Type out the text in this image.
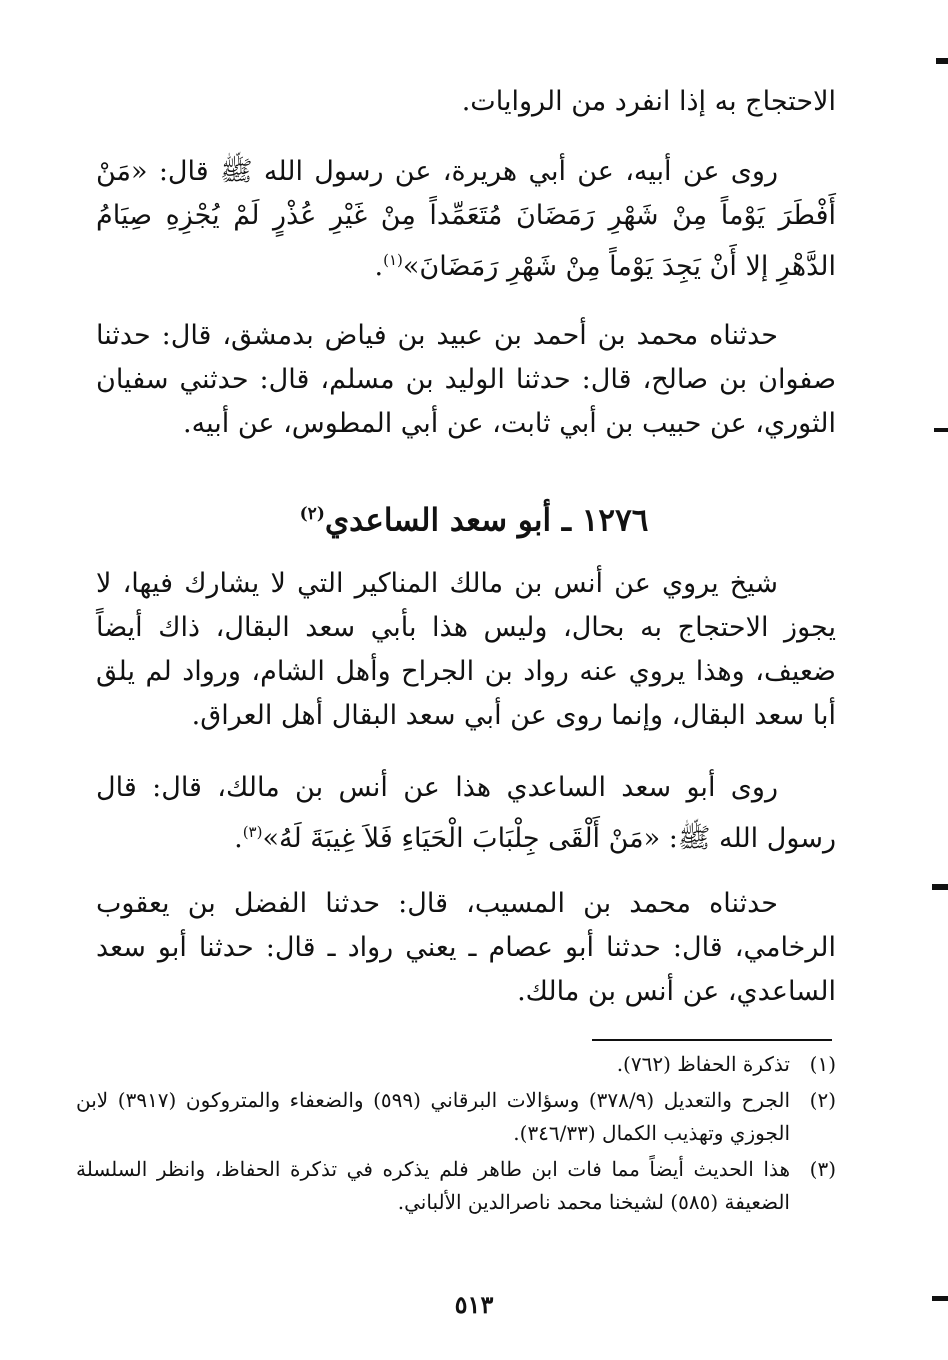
الاحتجاج به إذا انفرد من الروايات.
روى عن أبيه، عن أبي هريرة، عن رسول الله ﷺ قال: «مَنْ أَفْطَرَ يَوْماً مِنْ شَهْرِ رَمَضَانَ مُتَعَمِّداً مِنْ غَيْرِ عُذْرٍ لَمْ يُجْزِهِ صِيَامُ الدَّهْرِ إلا أَنْ يَجِدَ يَوْماً مِنْ شَهْرِ رَمَضَانَ»$^{(١)}$.
حدثناه محمد بن أحمد بن عبيد بن فياض بدمشق، قال: حدثنا صفوان بن صالح، قال: حدثنا الوليد بن مسلم، قال: حدثني سفيان الثوري، عن حبيب بن أبي ثابت، عن أبي المطوس، عن أبيه.
١٢٧٦ ـ أبو سعد الساعدي$^{(٢)}$
شيخ يروي عن أنس بن مالك المناكير التي لا يشارك فيها، لا يجوز الاحتجاج به بحال، وليس هذا بأبي سعد البقال، ذاك أيضاً ضعيف، وهذا يروي عنه رواد بن الجراح وأهل الشام، ورواد لم يلق أبا سعد البقال، وإنما روى عن أبي سعد البقال أهل العراق.
روى أبو سعد الساعدي هذا عن أنس بن مالك، قال: قال رسول الله ﷺ: «مَنْ أَلْقَى جِلْبَابَ الْحَيَاءِ فَلاَ غِيبَةَ لَهُ»$^{(٣)}$.
حدثناه محمد بن المسيب، قال: حدثنا الفضل بن يعقوب الرخامي، قال: حدثنا أبو عصام ـ يعني رواد ـ قال: حدثنا أبو سعد الساعدي، عن أنس بن مالك.
(١)
تذكرة الحفاظ (٧٦٢).
(٢)
الجرح والتعديل (٣٧٨/٩) وسؤالات البرقاني (٥٩٩) والضعفاء والمتروكون (٣٩١٧) لابن الجوزي وتهذيب الكمال (٣٤٦/٣٣).
(٣)
هذا الحديث أيضاً مما فات ابن طاهر فلم يذكره في تذكرة الحفاظ، وانظر السلسلة الضعيفة (٥٨٥) لشيخنا محمد ناصرالدين الألباني.
٥١٣
